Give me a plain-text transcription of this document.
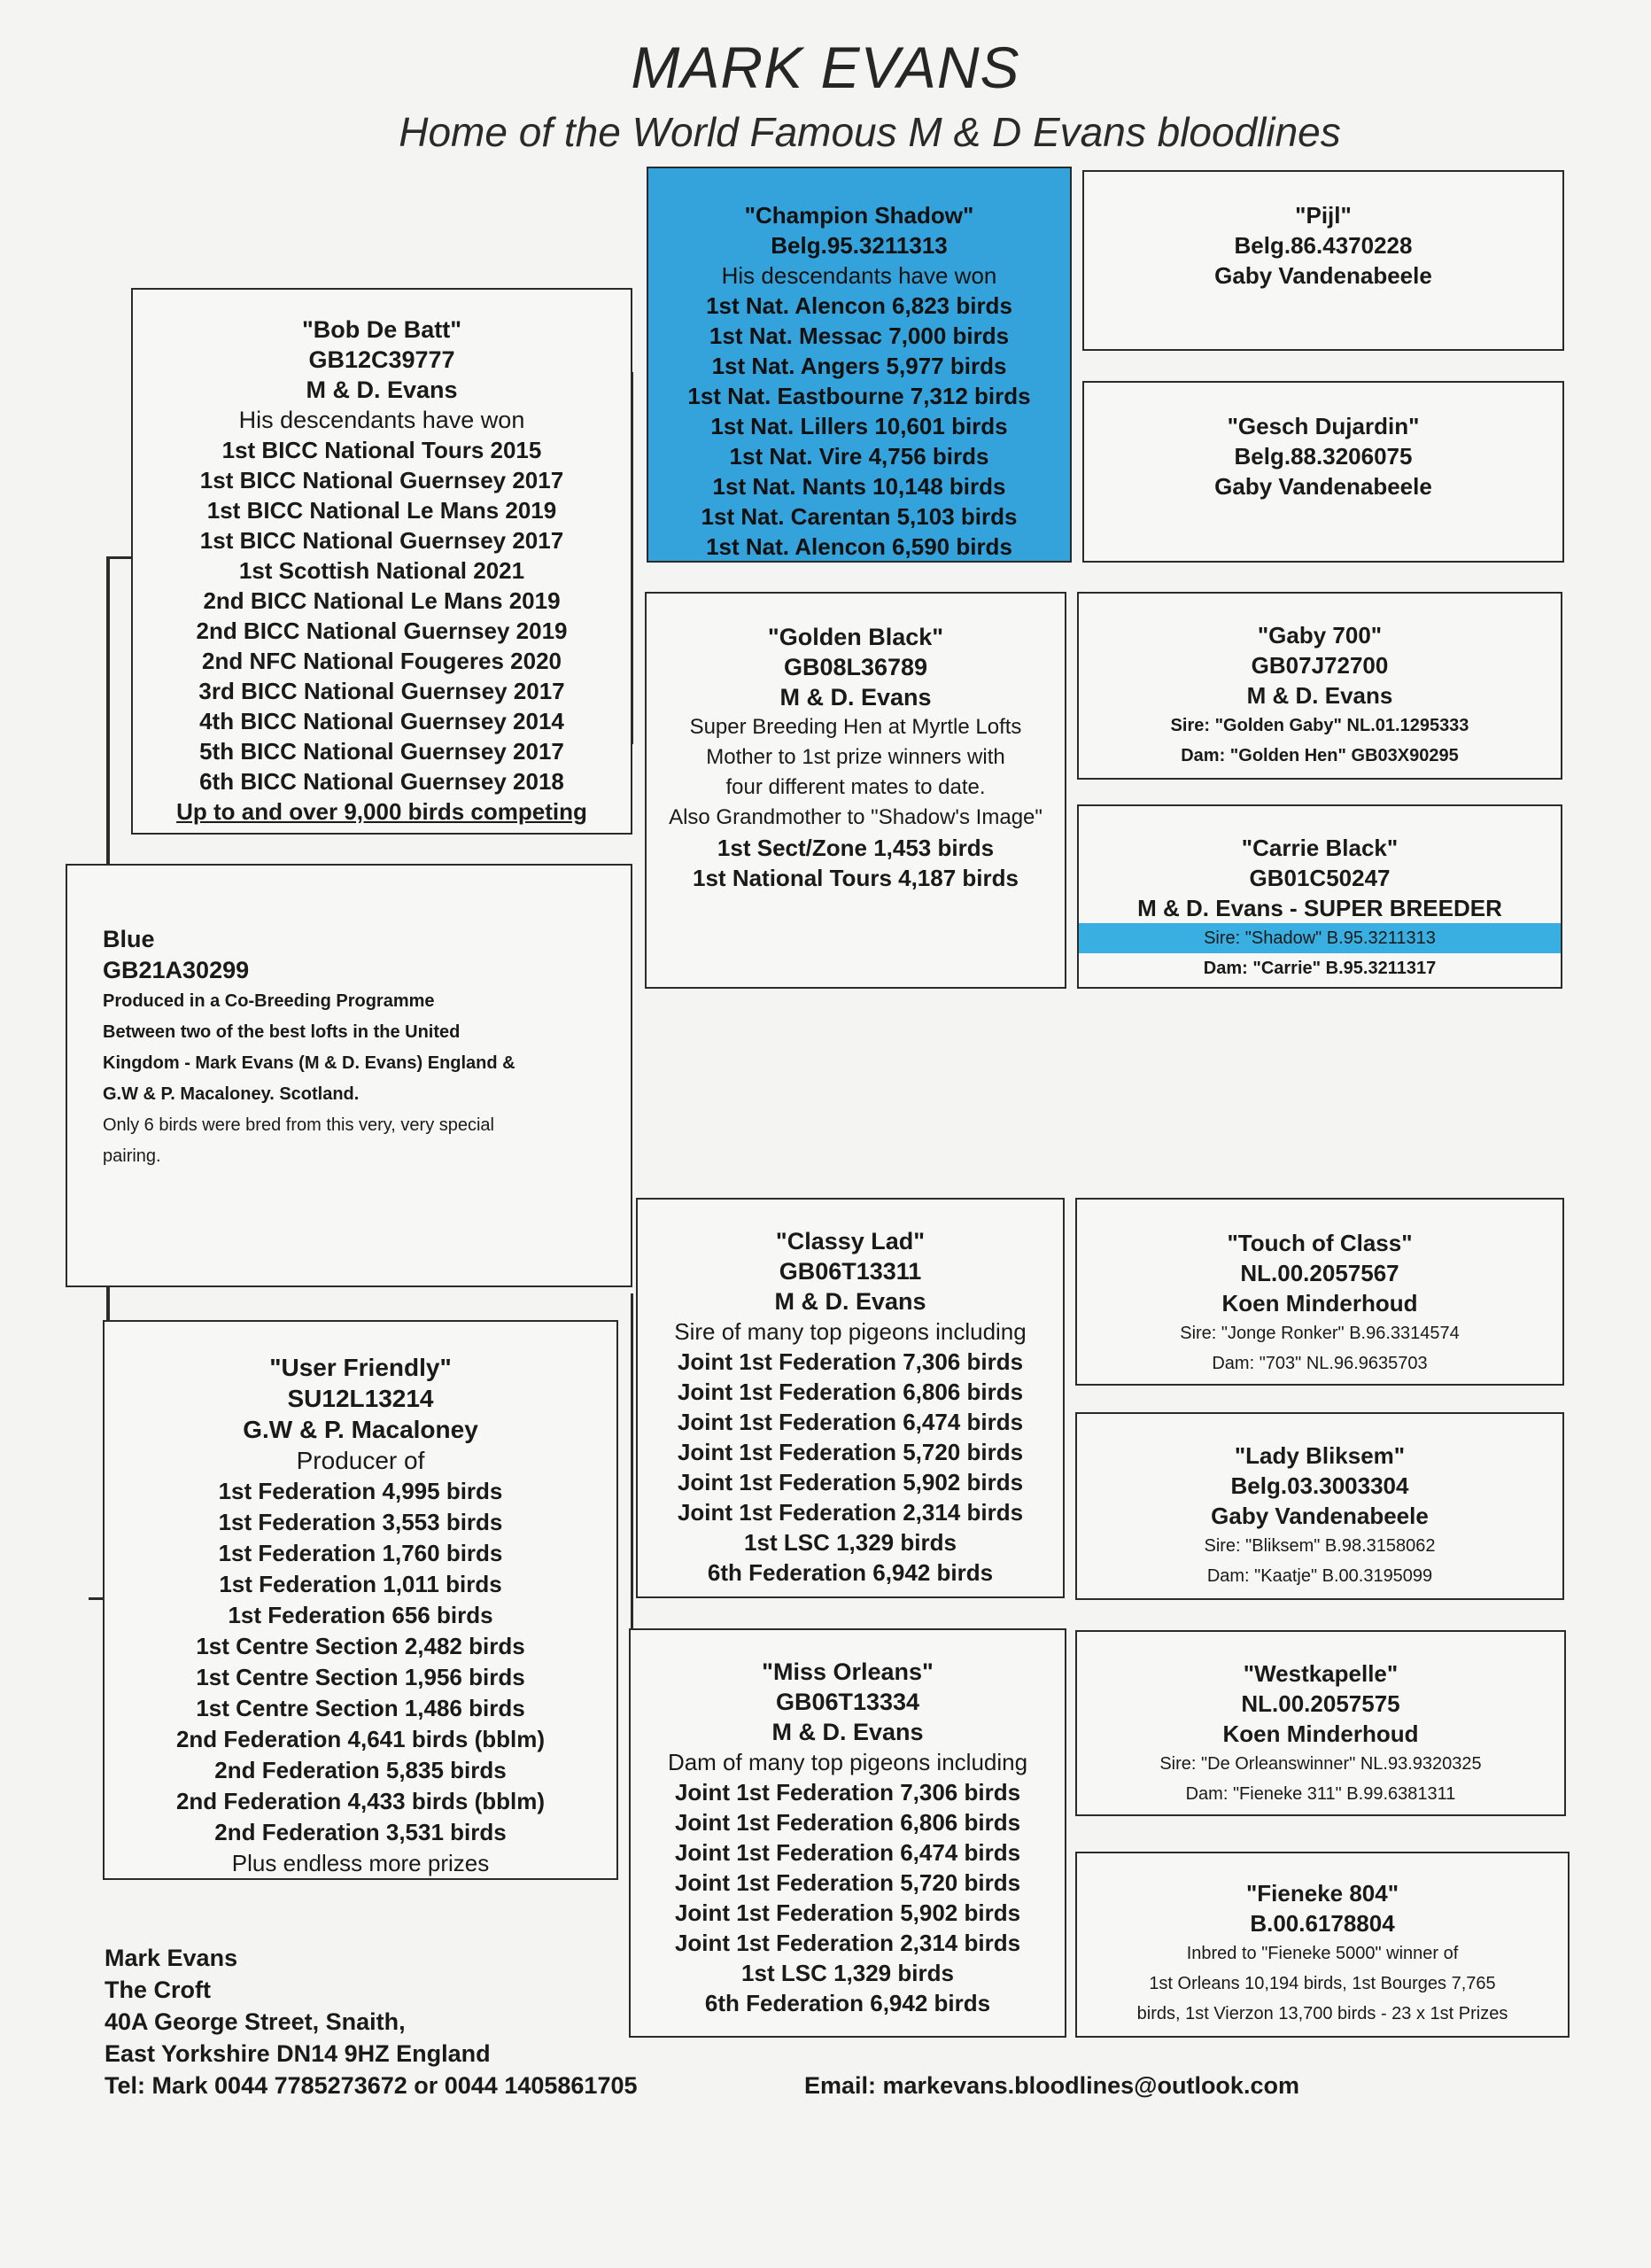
MARK EVANS
Home of the World Famous M & D Evans bloodlines
"Bob De Batt"
GB12C39777
M & D. Evans
His descendants have won
1st BICC National Tours 2015
1st BICC National Guernsey 2017
1st BICC National Le Mans 2019
1st BICC National Guernsey 2017
1st Scottish National 2021
2nd BICC National Le Mans 2019
2nd BICC National Guernsey 2019
2nd NFC National Fougeres 2020
3rd BICC National Guernsey 2017
4th BICC National Guernsey 2014
5th BICC National Guernsey 2017
6th BICC National Guernsey 2018
Up to and over 9,000 birds competing
Blue
GB21A30299
Produced in a Co-Breeding Programme
Between two of the best lofts in the United
Kingdom - Mark Evans (M & D. Evans) England &
G.W & P. Macaloney. Scotland.
Only 6 birds were bred from this very, very special
pairing.
"User Friendly"
SU12L13214
G.W & P. Macaloney
Producer of
1st Federation 4,995 birds
1st Federation 3,553 birds
1st Federation 1,760 birds
1st Federation 1,011 birds
1st Federation 656 birds
1st Centre Section 2,482 birds
1st Centre Section 1,956 birds
1st Centre Section 1,486 birds
2nd Federation 4,641 birds (bblm)
2nd Federation 5,835 birds
2nd Federation 4,433 birds (bblm)
2nd Federation 3,531 birds
Plus endless more prizes
"Champion Shadow"
Belg.95.3211313
His descendants have won
1st Nat. Alencon 6,823 birds
1st Nat. Messac 7,000 birds
1st Nat. Angers 5,977 birds
1st Nat. Eastbourne 7,312 birds
1st Nat. Lillers 10,601 birds
1st Nat. Vire 4,756 birds
1st Nat. Nants 10,148 birds
1st Nat. Carentan 5,103 birds
1st Nat. Alencon 6,590 birds
"Golden Black"
GB08L36789
M & D. Evans
Super Breeding Hen at Myrtle Lofts
Mother to 1st prize winners with
four different mates to date.
Also Grandmother to "Shadow's Image"
1st Sect/Zone 1,453 birds
1st National Tours 4,187 birds
"Pijl"
Belg.86.4370228
Gaby Vandenabeele
"Gesch Dujardin"
Belg.88.3206075
Gaby Vandenabeele
"Gaby 700"
GB07J72700
M & D. Evans
Sire: "Golden Gaby" NL.01.1295333
Dam: "Golden Hen" GB03X90295
"Carrie Black"
GB01C50247
M & D. Evans - SUPER BREEDER
Sire: "Shadow" B.95.3211313
Dam: "Carrie" B.95.3211317
"Classy Lad"
GB06T13311
M & D. Evans
Sire of many top pigeons including
Joint 1st Federation 7,306 birds
Joint 1st Federation 6,806 birds
Joint 1st Federation 6,474 birds
Joint 1st Federation 5,720 birds
Joint 1st Federation 5,902 birds
Joint 1st Federation 2,314 birds
1st LSC 1,329 birds
6th Federation 6,942 birds
"Miss Orleans"
GB06T13334
M & D. Evans
Dam of many top pigeons including
Joint 1st Federation 7,306 birds
Joint 1st Federation 6,806 birds
Joint 1st Federation 6,474 birds
Joint 1st Federation 5,720 birds
Joint 1st Federation 5,902 birds
Joint 1st Federation 2,314 birds
1st LSC 1,329 birds
6th Federation 6,942 birds
"Touch of Class"
NL.00.2057567
Koen Minderhoud
Sire: "Jonge Ronker" B.96.3314574
Dam: "703" NL.96.9635703
"Lady Bliksem"
Belg.03.3003304
Gaby Vandenabeele
Sire: "Bliksem" B.98.3158062
Dam: "Kaatje" B.00.3195099
"Westkapelle"
NL.00.2057575
Koen Minderhoud
Sire: "De Orleanswinner" NL.93.9320325
Dam: "Fieneke 311" B.99.6381311
"Fieneke 804"
B.00.6178804
Inbred to "Fieneke 5000" winner of
1st Orleans 10,194 birds, 1st Bourges 7,765
birds, 1st Vierzon 13,700 birds - 23 x 1st Prizes
Mark Evans
The Croft
40A George Street, Snaith,
East Yorkshire DN14 9HZ England
Tel: Mark 0044 7785273672 or 0044 1405861705	Email: markevans.bloodlines@outlook.com
